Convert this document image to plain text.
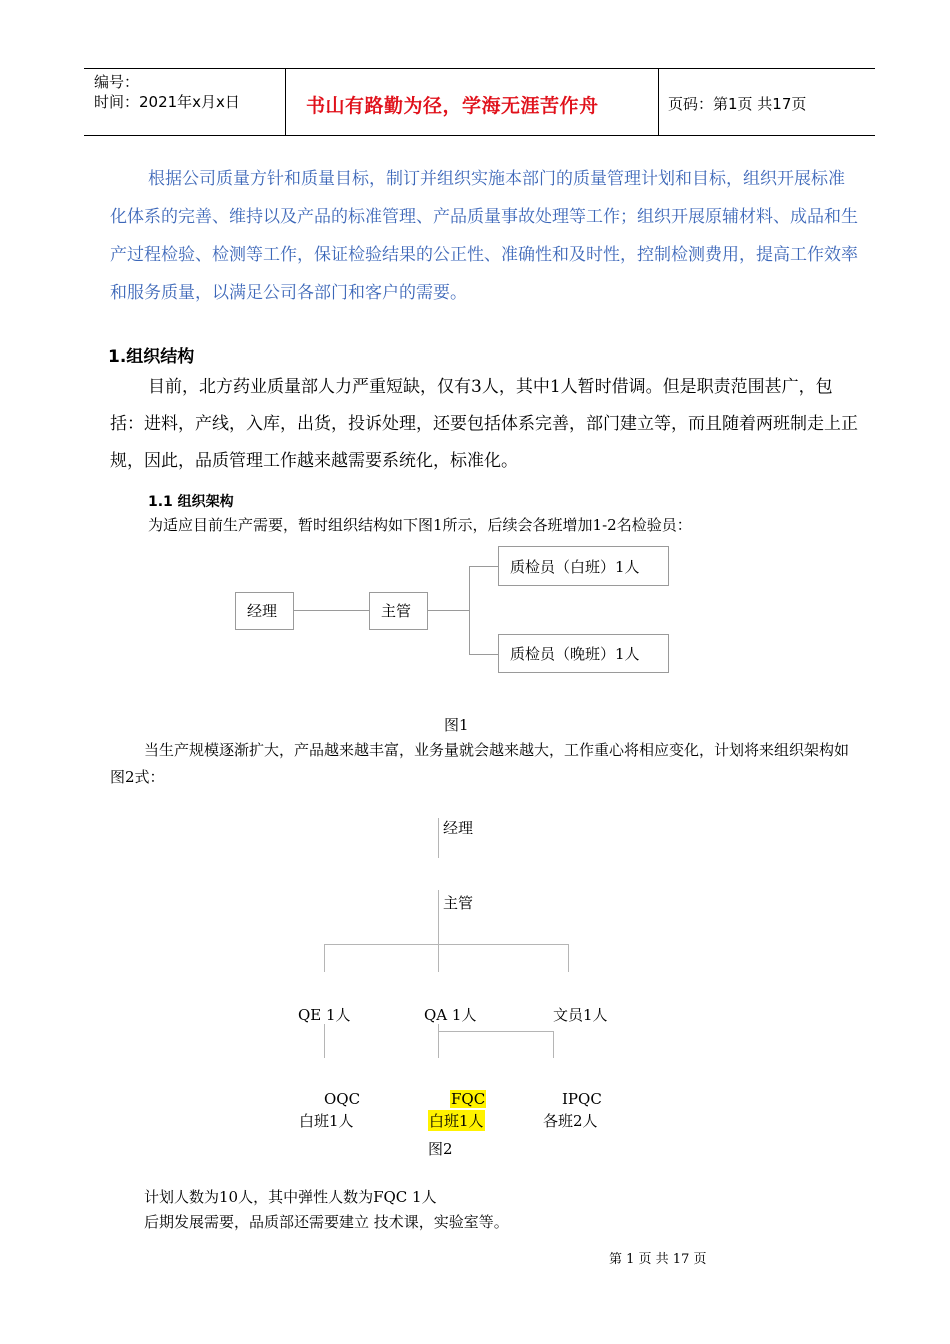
编号：
时间：2021年x月x日	书山有路勤为径，学海无涯苦作舟	页码：第1页 共17页
根据公司质量方针和质量目标，制订并组织实施本部门的质量管理计划和目标，组织开展标准化体系的完善、维持以及产品的标准管理、产品质量事故处理等工作；组织开展原辅材料、成品和生产过程检验、检测等工作，保证检验结果的公正性、准确性和及时性，控制检测费用，提高工作效率和服务质量，以满足公司各部门和客户的需要。
1.组织结构
目前，北方药业质量部人力严重短缺，仅有3人，其中1人暂时借调。但是职责范围甚广，包括：进料，产线，入库，出货，投诉处理，还要包括体系完善，部门建立等，而且随着两班制走上正规，因此，品质管理工作越来越需要系统化，标准化。
1.1 组织架构
为适应目前生产需要，暂时组织结构如下图1所示，后续会各班增加1-2名检验员：
经理	主管
质检员（白班）1人
质检员（晚班）1人
图1
当生产规模逐渐扩大，产品越来越丰富，业务量就会越来越大，工作重心将相应变化，计划将来组织架构如图2式：
经理
主管
QE 1人	QA 1人	文员1人
OQC
白班1人
FQC
白班1人
IPQC
各班2人
图2
计划人数为10人，其中弹性人数为FQC 1人
后期发展需要，品质部还需要建立 技术课，实验室等。
第 1 页 共 17 页
